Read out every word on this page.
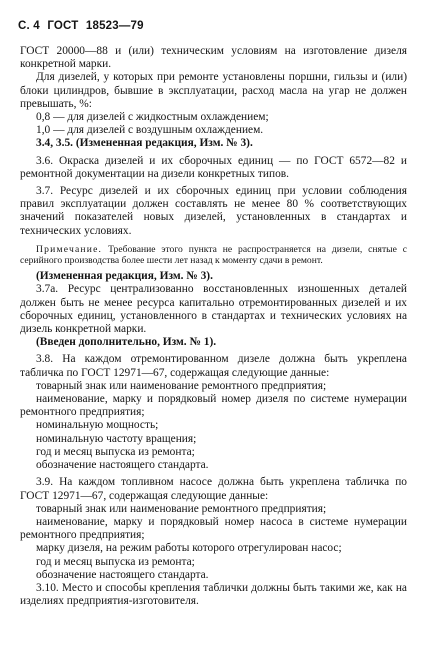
С. 4 ГОСТ 18523—79

ГОСТ 20000—88 и (или) техническим условиям на изготовление дизеля конкретной марки.

Для дизелей, у которых при ремонте установлены поршни, гильзы и (или) блоки цилиндров, бывшие в эксплуатации, расход масла на угар не должен превышать, %:

0,8 — для дизелей с жидкостным охлаждением;

1,0 — для дизелей с воздушным охлаждением.

3.4, 3.5. (Измененная редакция, Изм. № 3).

3.6. Окраска дизелей и их сборочных единиц — по ГОСТ 6572—82 и ремонтной документации на дизели конкретных типов.

3.7. Ресурс дизелей и их сборочных единиц при условии соблюдения правил эксплуатации должен составлять не менее 80 % соответствующих значений показателей новых дизелей, установленных в стандартах и технических условиях.

Примечание. Требование этого пункта не распространяется на дизели, снятые с серийного производства более шести лет назад к моменту сдачи в ремонт.

(Измененная редакция, Изм. № 3).

3.7а. Ресурс централизованно восстановленных изношенных деталей должен быть не менее ресурса капитально отремонтированных дизелей и их сборочных единиц, установленного в стандартах и технических условиях на дизель конкретной марки.

(Введен дополнительно, Изм. № 1).

3.8. На каждом отремонтированном дизеле должна быть укреплена табличка по ГОСТ 12971—67, содержащая следующие данные:

товарный знак или наименование ремонтного предприятия;

наименование, марку и порядковый номер дизеля по системе нумерации ремонтного предприятия;

номинальную мощность;

номинальную частоту вращения;

год и месяц выпуска из ремонта;

обозначение настоящего стандарта.

3.9. На каждом топливном насосе должна быть укреплена табличка по ГОСТ 12971—67, содержащая следующие данные:

товарный знак или наименование ремонтного предприятия;

наименование, марку и порядковый номер насоса в системе нумерации ремонтного предприятия;

марку дизеля, на режим работы которого отрегулирован насос;

год и месяц выпуска из ремонта;

обозначение настоящего стандарта.

3.10. Место и способы крепления таблички должны быть такими же, как на изделиях предприятия-изготовителя.
